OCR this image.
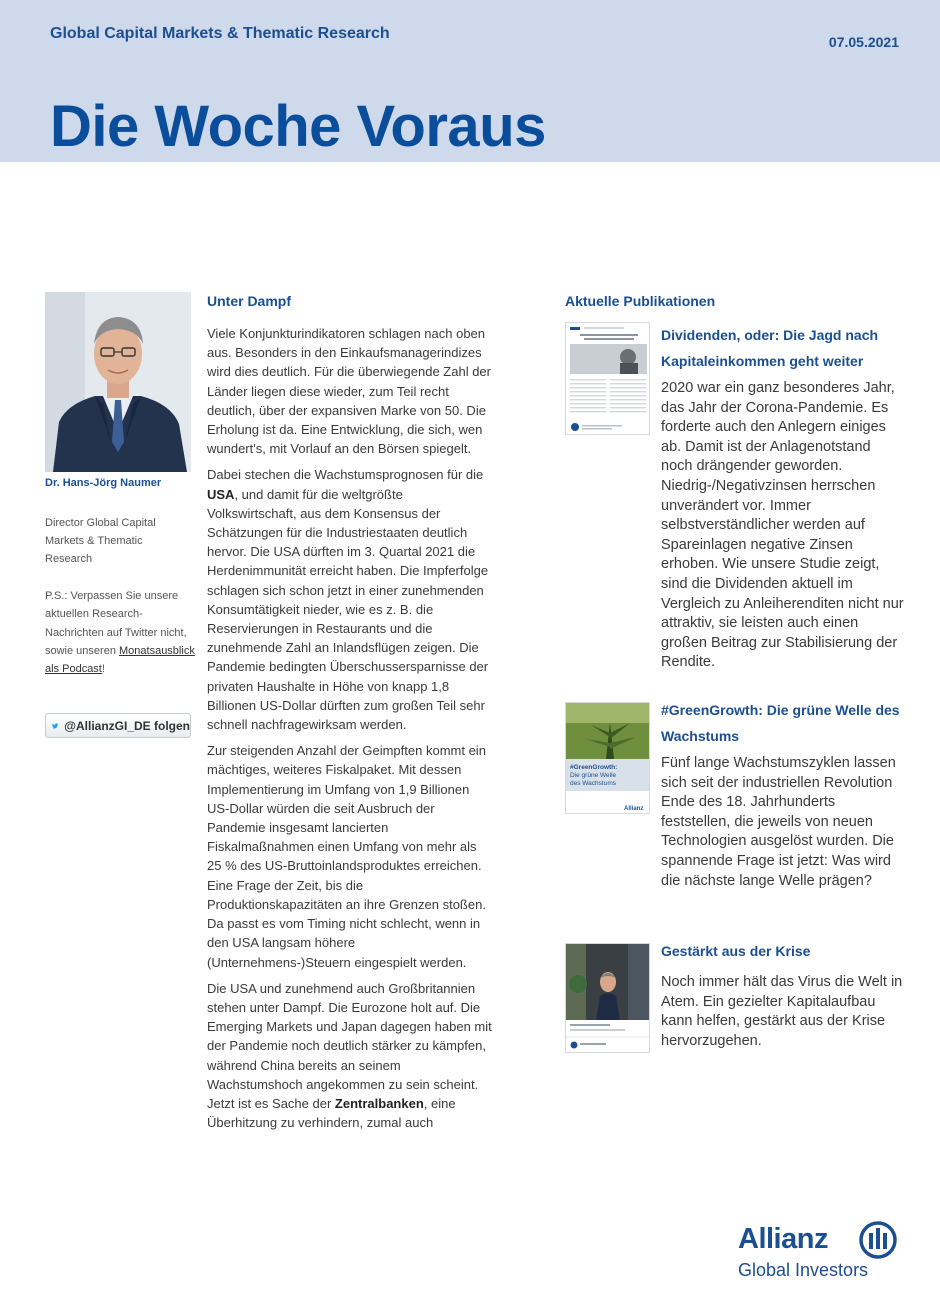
Global Capital Markets & Thematic Research	07.05.2021
Die Woche Voraus
Dr. Hans-Jörg Naumer
Director Global Capital Markets & Thematic Research
P.S.: Verpassen Sie unsere aktuellen Research-Nachrichten auf Twitter nicht, sowie unseren Monatsausblick als Podcast!
@AllianzGI_DE folgen
Unter Dampf

Viele Konjunkturindikatoren schlagen nach oben aus. Besonders in den Einkaufsmanagerindizes wird dies deutlich. Für die überwiegende Zahl der Länder liegen diese wieder, zum Teil recht deutlich, über der expansiven Marke von 50. Die Erholung ist da. Eine Entwicklung, die sich, wen wundert's, mit Vorlauf an den Börsen spiegelt.

Dabei stechen die Wachstumsprognosen für die USA, und damit für die weltgrößte Volkswirtschaft, aus dem Konsensus der Schätzungen für die Industriestaaten deutlich hervor. Die USA dürften im 3. Quartal 2021 die Herdenimmunität erreicht haben. Die Impferfolge schlagen sich schon jetzt in einer zunehmenden Konsumtätigkeit nieder, wie es z. B. die Reservierungen in Restaurants und die zunehmende Zahl an Inlandsflügen zeigen. Die Pandemie bedingten Überschussersparnisse der privaten Haushalte in Höhe von knapp 1,8 Billionen US-Dollar dürften zum großen Teil sehr schnell nachfragewirksam werden.

Zur steigenden Anzahl der Geimpften kommt ein mächtiges, weiteres Fiskalpaket. Mit dessen Implementierung im Umfang von 1,9 Billionen US-Dollar würden die seit Ausbruch der Pandemie insgesamt lancierten Fiskalmaßnahmen einen Umfang von mehr als 25 % des US-Bruttoinlandsproduktes erreichen. Eine Frage der Zeit, bis die Produktionskapazitäten an ihre Grenzen stoßen. Da passt es vom Timing nicht schlecht, wenn in den USA langsam höhere (Unternehmens-)Steuern eingespielt werden.

Die USA und zunehmend auch Großbritannien stehen unter Dampf. Die Eurozone holt auf. Die Emerging Markets und Japan dagegen haben mit der Pandemie noch deutlich stärker zu kämpfen, während China bereits an seinem Wachstumshoch angekommen zu sein scheint. Jetzt ist es Sache der Zentralbanken, eine Überhitzung zu verhindern, zumal auch

Aktuelle Publikationen
Dividenden, oder: Die Jagd nach Kapitaleinkommen geht weiter
2020 war ein ganz besonderes Jahr, das Jahr der Corona-Pandemie. Es forderte auch den Anlegern einiges ab. Damit ist der Anlagenotstand noch drängender geworden. Niedrig-/Negativzinsen herrschen unverändert vor. Immer selbstverständlicher werden auf Spareinlagen negative Zinsen erhoben. Wie unsere Studie zeigt, sind die Dividenden aktuell im Vergleich zu Anleiherenditen nicht nur attraktiv, sie leisten auch einen großen Beitrag zur Stabilisierung der Rendite.
#GreenGrowth:
Die grüne Welle
des Wachstums
Allianz
#GreenGrowth: Die grüne Welle des Wachstums
Fünf lange Wachstumszyklen lassen sich seit der industriellen Revolution Ende des 18. Jahrhunderts feststellen, die jeweils von neuen Technologien ausgelöst wurden. Die spannende Frage ist jetzt: Was wird die nächste lange Welle prägen?
Gestärkt aus der Krise
Noch immer hält das Virus die Welt in Atem. Ein gezielter Kapitalaufbau kann helfen, gestärkt aus der Krise hervorzugehen.
Allianz
Global Investors
